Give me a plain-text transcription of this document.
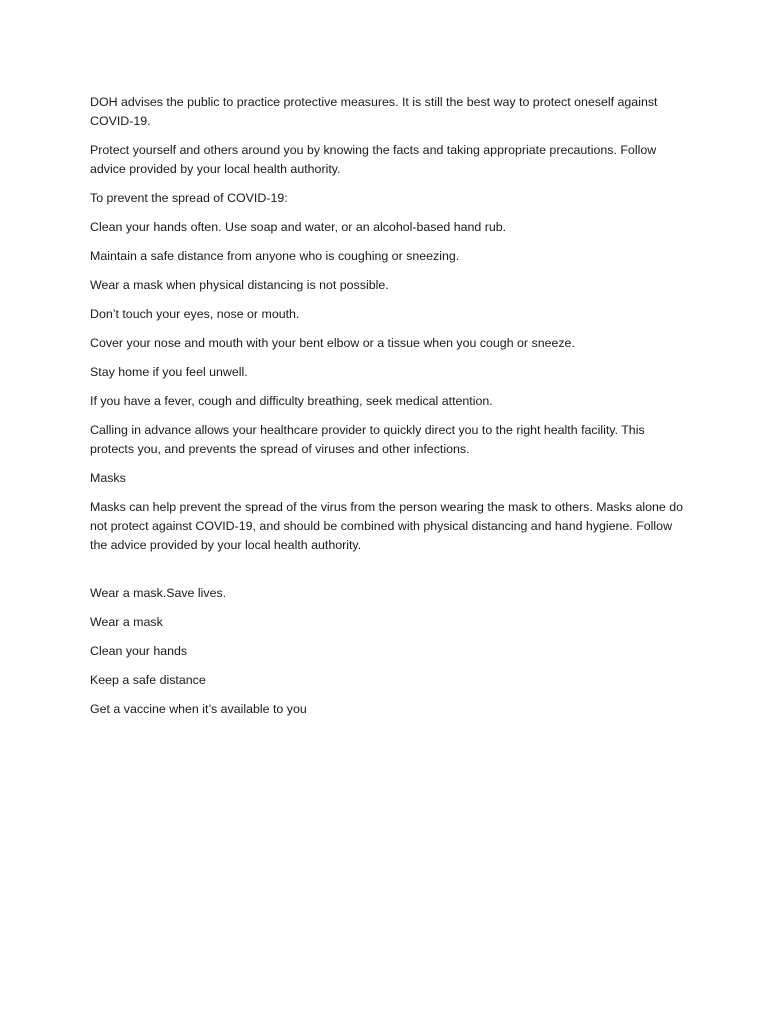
DOH advises the public to practice protective measures. It is still the best way to protect oneself against COVID-19.

Protect yourself and others around you by knowing the facts and taking appropriate precautions. Follow advice provided by your local health authority.

To prevent the spread of COVID-19:

Clean your hands often. Use soap and water, or an alcohol-based hand rub.

Maintain a safe distance from anyone who is coughing or sneezing.

Wear a mask when physical distancing is not possible.

Don’t touch your eyes, nose or mouth.

Cover your nose and mouth with your bent elbow or a tissue when you cough or sneeze.

Stay home if you feel unwell.

If you have a fever, cough and difficulty breathing, seek medical attention.

Calling in advance allows your healthcare provider to quickly direct you to the right health facility. This protects you, and prevents the spread of viruses and other infections.

Masks

Masks can help prevent the spread of the virus from the person wearing the mask to others. Masks alone do not protect against COVID-19, and should be combined with physical distancing and hand hygiene. Follow the advice provided by your local health authority.

Wear a mask.Save lives.

Wear a mask

Clean your hands

Keep a safe distance

Get a vaccine when it’s available to you
